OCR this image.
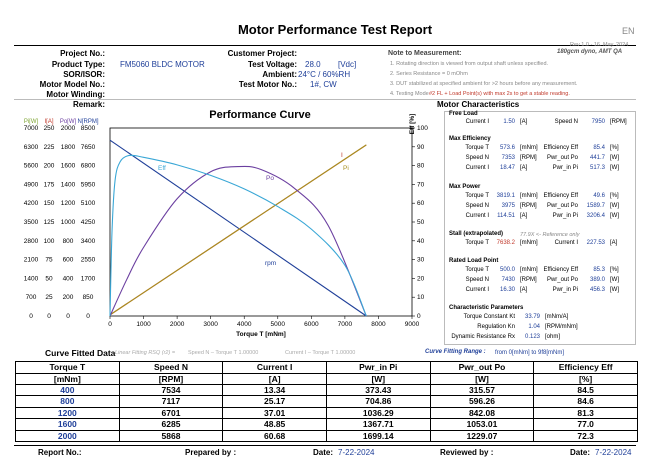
Motor Performance Test Report	EN
Rev 1.0 · 16. May. 2024
180gcm dyno, AMT QA
Project No.:
Product Type: FM5060 BLDC MOTOR
SOR/ISOR:
Motor Model No.:
Motor Winding:
Remark:
Customer Project:
Test Voltage: 28.0 [Vdc]
Ambient: 24°C / 60%RH
Test Motor No.: 1#, CW
Note to Measurement:
1. Rotating direction is viewed from output shaft unless specified.
2. Series Resistance = 0 mOhm
3. DUT stabilized at specified ambient for >2 hours before any measurement.
4. Testing Mode #2 FL + Load Point(s) with max 2s to get a stable reading.
Performance Curve
Pi[W] I[A] Po[W] N[RPM]
7000 250 2000 8500
6300 225 1800 7650
5600 200 1600 6800
4900 175 1400 5950
4200 150 1200 5100
3500 125 1000 4250
2800 100 800 3400
2100 75 600 2550
1400 50 400 1700
700 25 200 850
0 0 0	0
Eff [%]
0
10
20
30
40
50
60
70
80
90
100
0	1000	2000	3000	4000	5000	6000	7000	8000	9000
Torque T [mNm]
Eff
I
Pi
Po
rpm
Motor Characteristics
Free Load
Current I	1.50 [A]	Speed N	7950 [RPM]
Max Efficiency
Torque T	573.6 [mNm] Efficiency Eff	85.4 [%]
Speed N	7353 [RPM]	Pwr_out Po	441.7 [W]
Current I	18.47 [A]	Pwr_in Pi	517.3 [W]
Max Power
Torque T	3819.1 [mNm] Efficiency Eff	49.6 [%]
Speed N	3975 [RPM]	Pwr_out Po	1589.7 [W]
Current I	114.51 [A]	Pwr_in Pi	3206.4 [W]
Stall (extrapolated)	77.9X <- Reference only
Torque T	7638.2 [mNm]	Current I	227.53 [A]
Rated Load Point
Torque T	500.0 [mNm] Efficiency Eff	85.3 [%]
Speed N	7430 [RPM]	Pwr_out Po	389.0 [W]
Current I	16.30 [A]	Pwr_in Pi	456.3 [W]
Characteristic Parameters
Torque Constant Kt	33.79 [mNm/A]
Regulation Kn	1.04 [RPM/mNm]
Dynamic Resistance Rx	0.123 [ohm]
Curve Fitted Data Linear Fitting RSQ (r2) = Speed N – Torque T 1.00000	Current I – Torque T 1.00000	Curve Fitting Range : from 0[mNm] to 9f8[mNm]
Torque T	Speed N	Current I	Pwr_in Pi	Pwr_out Po	Efficiency Eff
[mNm]	[RPM]	[A]	[W]	[W]	[%]
400	7534	13.34	373.43	315.57	84.5
800	7117	25.17	704.86	596.26	84.6
1200	6701	37.01	1036.29	842.08	81.3
1600	6285	48.85	1367.71	1053.01	77.0
2000	5868	60.68	1699.14	1229.07	72.3
Report No.:	Prepared by :	Date: 7-22-2024	Reviewed by :	Date: 7-22-2024
